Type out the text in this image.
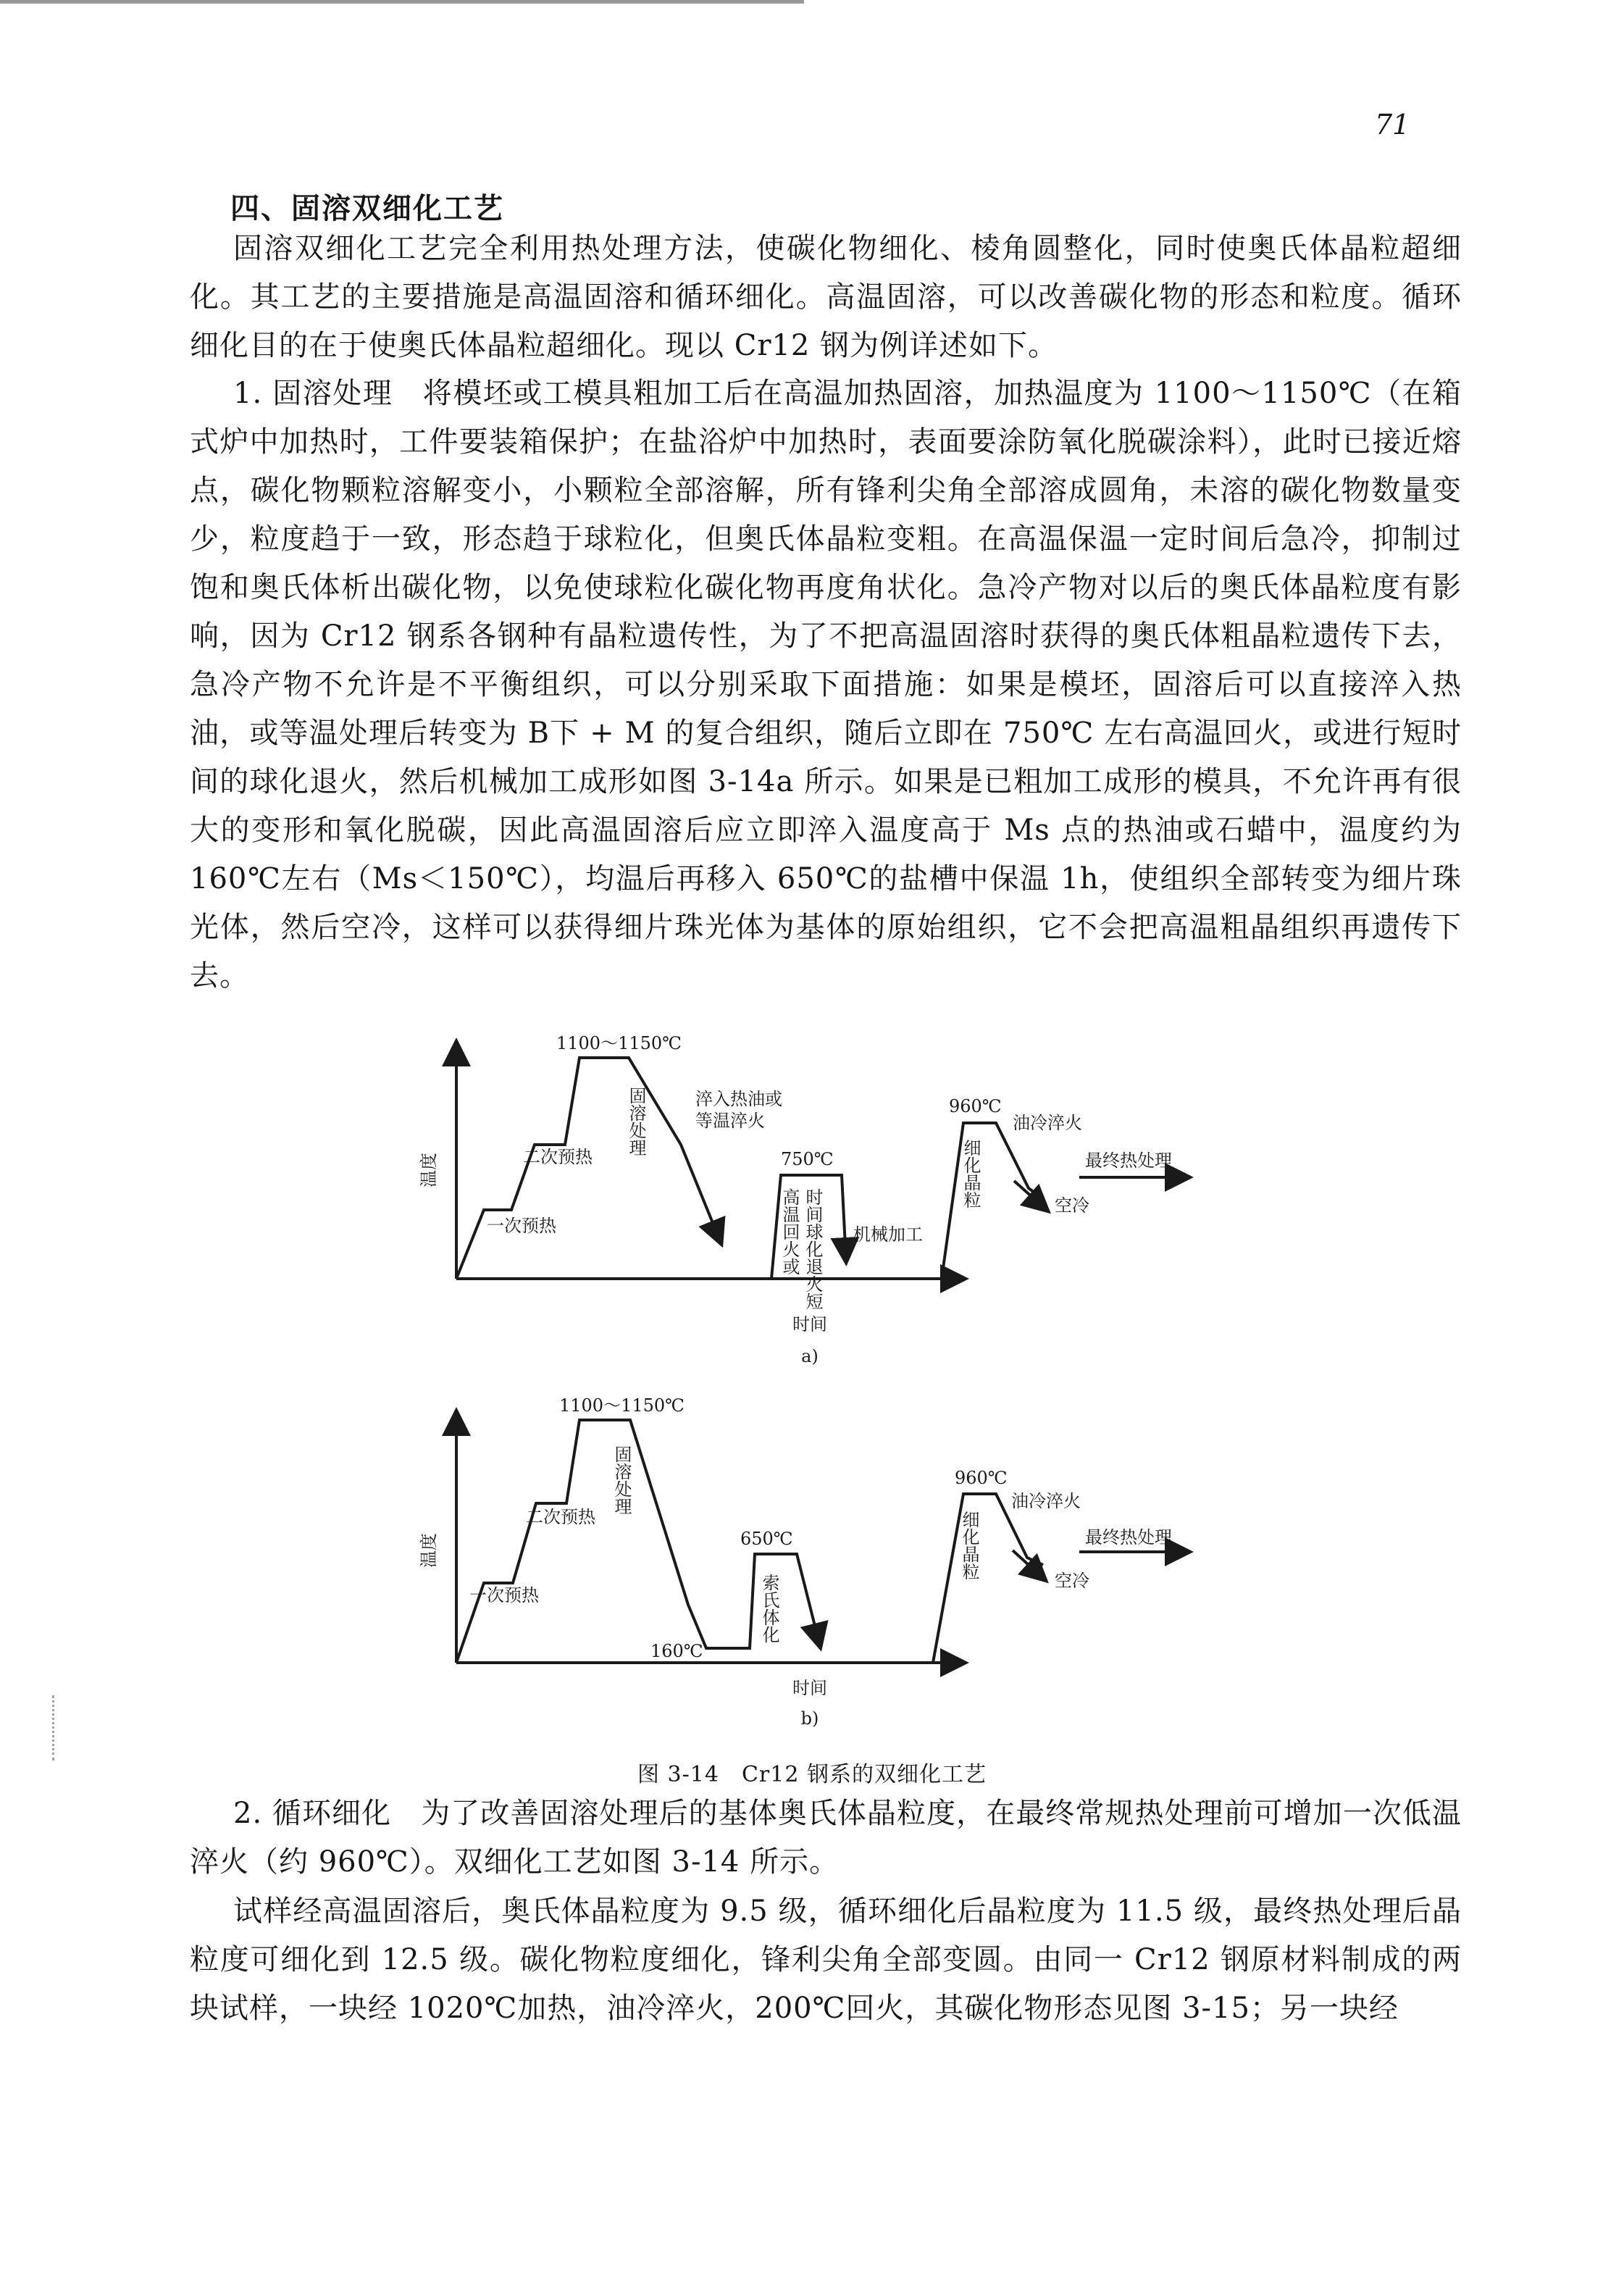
71
四、固溶双细化工艺

固溶双细化工艺完全利用热处理方法，使碳化物细化、棱角圆整化，同时使奥氏体晶粒超细化。其工艺的主要措施是高温固溶和循环细化。高温固溶，可以改善碳化物的形态和粒度。循环细化目的在于使奥氏体晶粒超细化。现以 Cr12 钢为例详述如下。

1. 固溶处理　将模坯或工模具粗加工后在高温加热固溶，加热温度为 1100～1150℃（在箱式炉中加热时，工件要装箱保护；在盐浴炉中加热时，表面要涂防氧化脱碳涂料），此时已接近熔点，碳化物颗粒溶解变小，小颗粒全部溶解，所有锋利尖角全部溶成圆角，未溶的碳化物数量变少，粒度趋于一致，形态趋于球粒化，但奥氏体晶粒变粗。在高温保温一定时间后急冷，抑制过饱和奥氏体析出碳化物，以免使球粒化碳化物再度角状化。急冷产物对以后的奥氏体晶粒度有影响，因为 Cr12 钢系各钢种有晶粒遗传性，为了不把高温固溶时获得的奥氏体粗晶粒遗传下去，急冷产物不允许是不平衡组织，可以分别采取下面措施：如果是模坯，固溶后可以直接淬入热油，或等温处理后转变为 B下 + M 的复合组织，随后立即在 750℃ 左右高温回火，或进行短时间的球化退火，然后机械加工成形如图 3-14a 所示。如果是已粗加工成形的模具，不允许再有很大的变形和氧化脱碳，因此高温固溶后应立即淬入温度高于 Ms 点的热油或石蜡中，温度约为 160℃左右（Ms＜150℃），均温后再移入 650℃的盐槽中保温 1h，使组织全部转变为细片珠光体，然后空冷，这样可以获得细片珠光体为基体的原始组织，它不会把高温粗晶组织再遗传下去。

温度
1100～1150℃
固溶处理	淬入热油或
等温淬火
一次预热
二次预热	750℃
高温回火或 时间球化退火短 机械加工
960℃
细化晶粒
油冷淬火
最终热处理
空冷
时间
a)
温度
1100～1150℃
固溶处理
一次预热
二次预热
160℃
650℃
索氏体化
960℃
细化晶粒
油冷淬火
最终热处理
空冷
时间
b)
图 3-14　Cr12 钢系的双细化工艺

2. 循环细化　为了改善固溶处理后的基体奥氏体晶粒度，在最终常规热处理前可增加一次低温淬火（约 960℃）。双细化工艺如图 3-14 所示。

试样经高温固溶后，奥氏体晶粒度为 9.5 级，循环细化后晶粒度为 11.5 级，最终热处理后晶粒度可细化到 12.5 级。碳化物粒度细化，锋利尖角全部变圆。由同一 Cr12 钢原材料制成的两块试样，一块经 1020℃加热，油冷淬火，200℃回火，其碳化物形态见图 3-15；另一块经
